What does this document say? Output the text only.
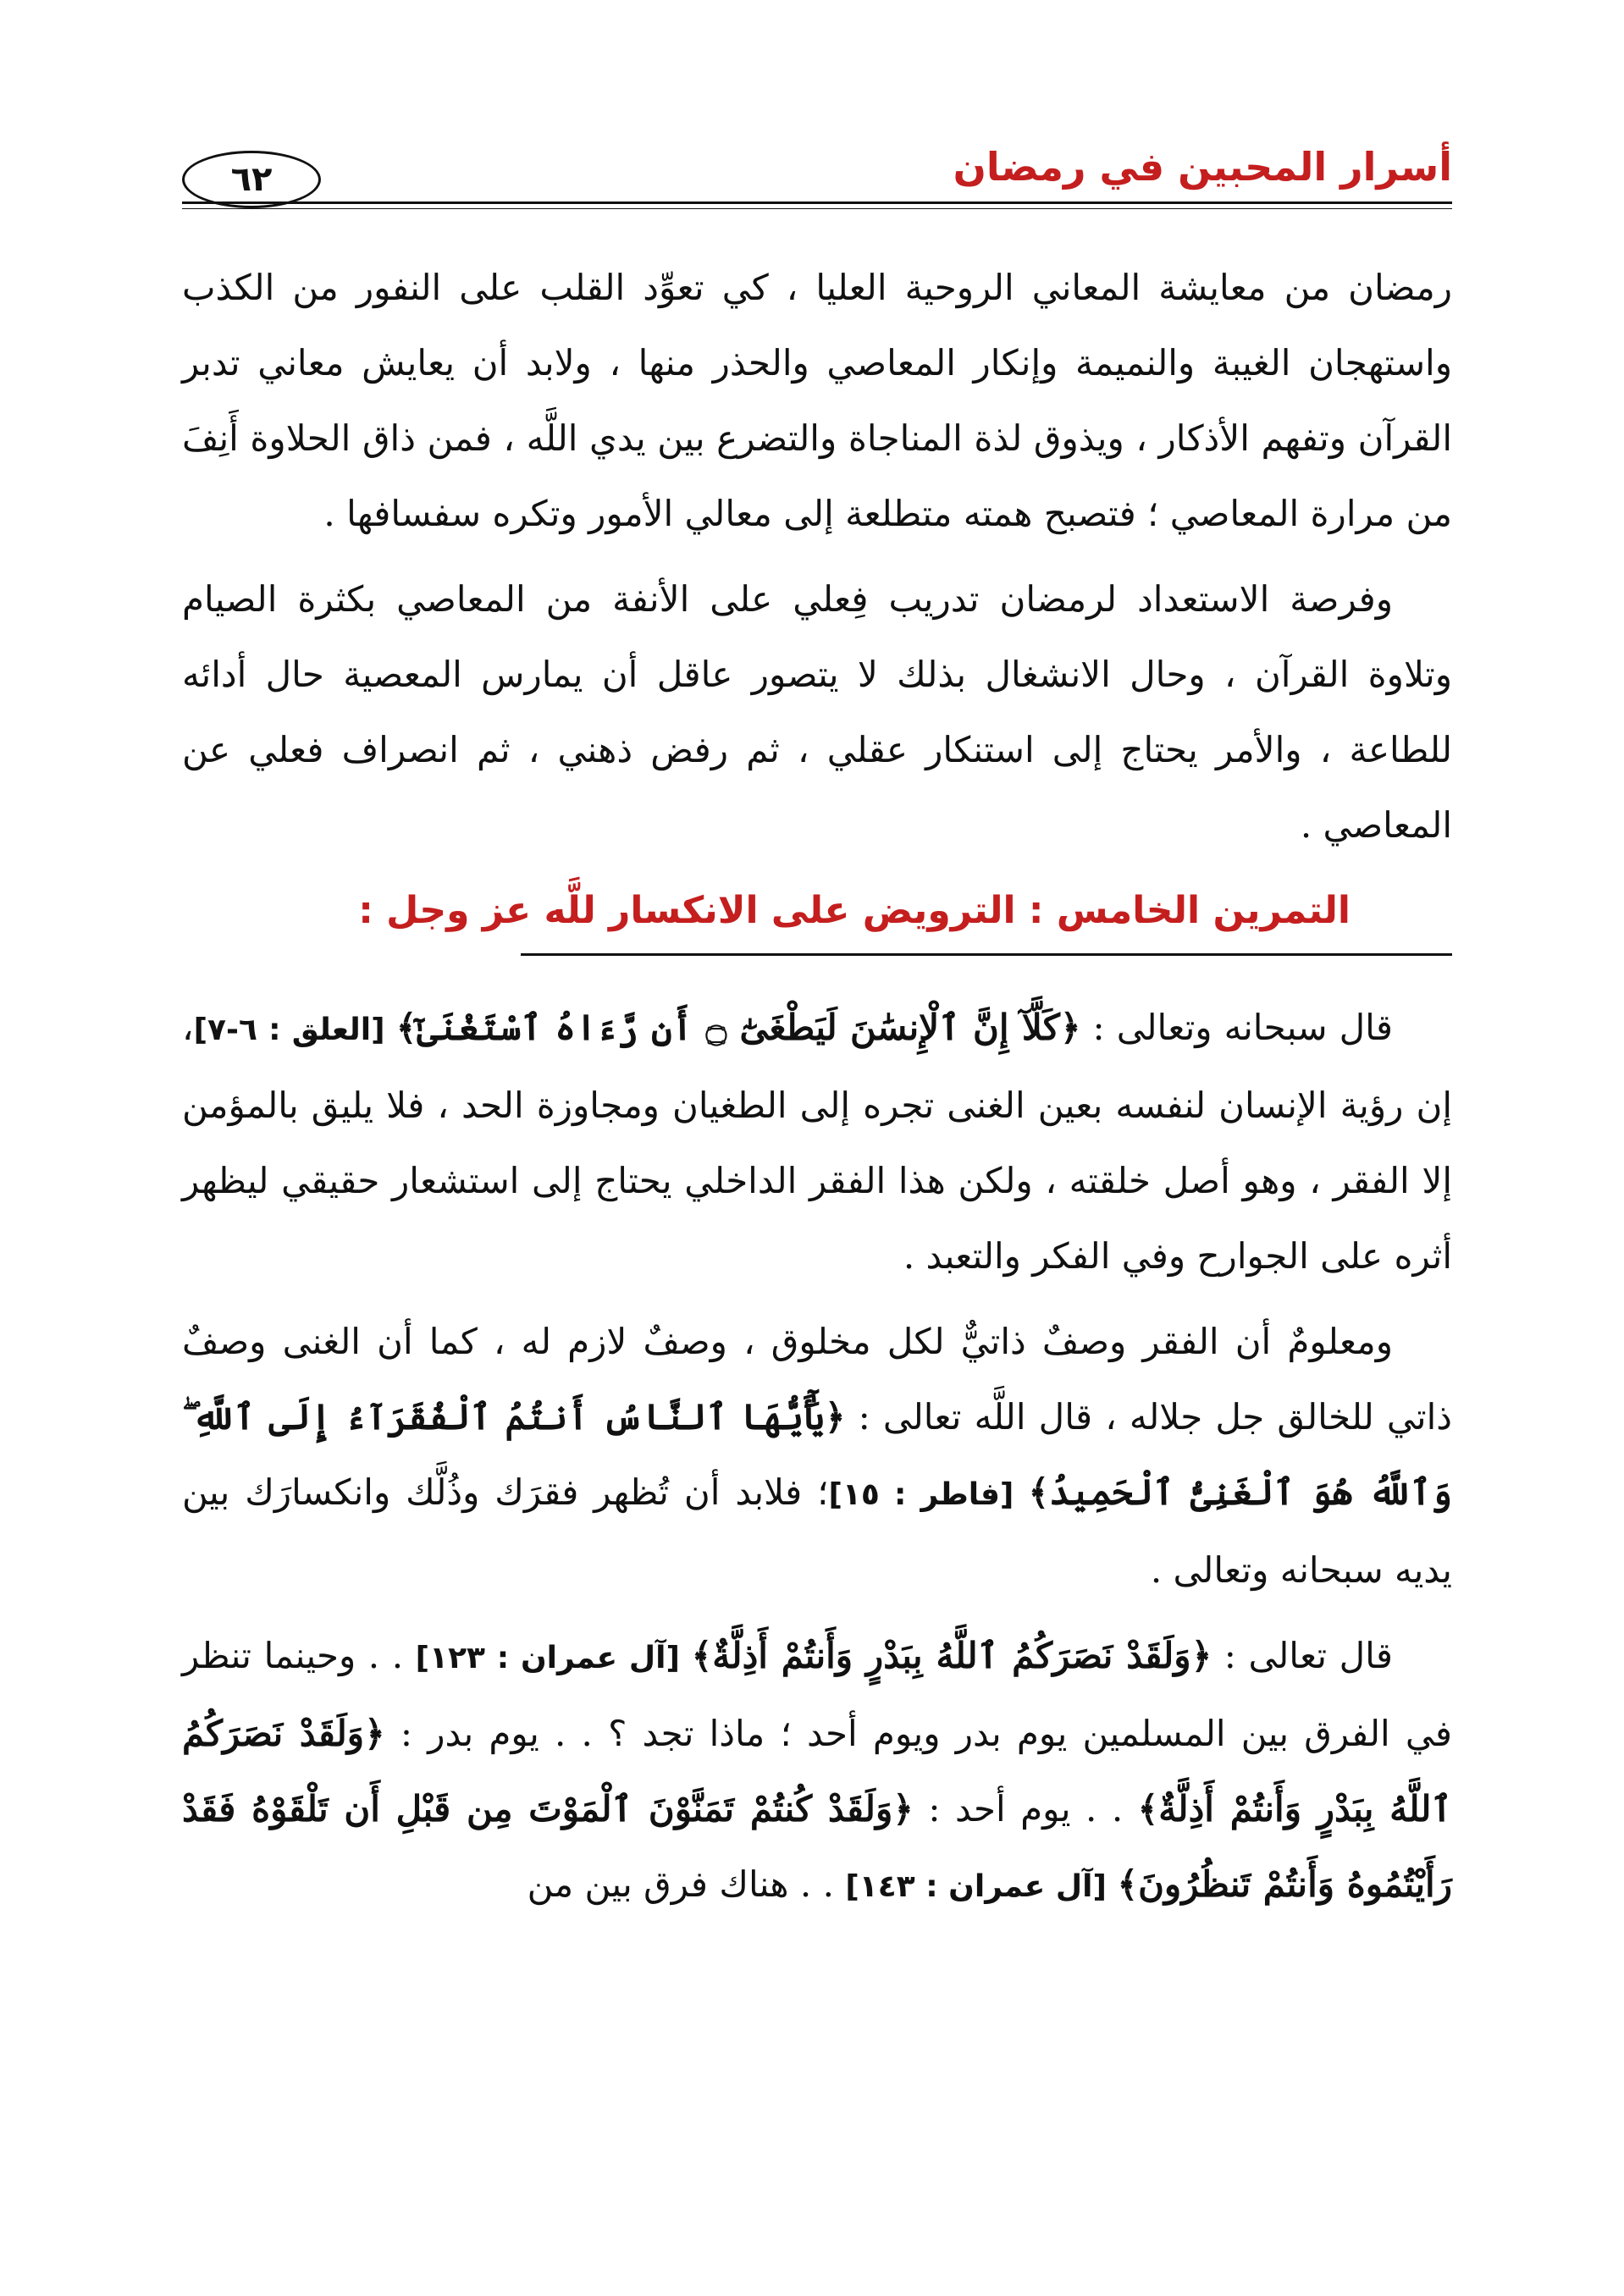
٦٢	أسرار المحبين في رمضان

رمضان من معايشة المعاني الروحية العليا ، كي تعوِّد القلب على النفور من الكذب واستهجان الغيبة والنميمة وإنكار المعاصي والحذر منها ، ولابد أن يعايش معاني تدبر القرآن وتفهم الأذكار ، ويذوق لذة المناجاة والتضرع بين يدي اللَّه ، فمن ذاق الحلاوة أَنِفَ من مرارة المعاصي ؛ فتصبح همته متطلعة إلى معالي الأمور وتكره سفسافها .

وفرصة الاستعداد لرمضان تدريب فِعلي على الأنفة من المعاصي بكثرة الصيام وتلاوة القرآن ، وحال الانشغال بذلك لا يتصور عاقل أن يمارس المعصية حال أدائه للطاعة ، والأمر يحتاج إلى استنكار عقلي ، ثم رفض ذهني ، ثم انصراف فعلي عن المعاصي .

التمرين الخامس : الترويض على الانكسار للَّه عز وجل :

قال سبحانه وتعالى : ﴿كَلَّآ إِنَّ ٱلْإِنسَٰنَ لَيَطْغَىٰٓ ۝ أَن رَّءَاهُ ٱسْتَغْنَىٰٓ﴾ [العلق : ٦-٧]، إن رؤية الإنسان لنفسه بعين الغنى تجره إلى الطغيان ومجاوزة الحد ، فلا يليق بالمؤمن إلا الفقر ، وهو أصل خلقته ، ولكن هذا الفقر الداخلي يحتاج إلى استشعار حقيقي ليظهر أثره على الجوارح وفي الفكر والتعبد .

ومعلومٌ أن الفقر وصفٌ ذاتيٌّ لكل مخلوق ، وصفٌ لازم له ، كما أن الغنى وصفٌ ذاتي للخالق جل جلاله ، قال اللَّه تعالى : ﴿يَٰٓأَيُّهَا ٱلنَّاسُ أَنتُمُ ٱلْفُقَرَآءُ إِلَى ٱللَّهِ ۖ وَٱللَّهُ هُوَ ٱلْغَنِىُّ ٱلْحَمِيدُ﴾ [فاطر : ١٥]؛ فلابد أن تُظهر فقرَك وذُلَّك وانكسارَك بين يديه سبحانه وتعالى .

قال تعالى : ﴿وَلَقَدْ نَصَرَكُمُ ٱللَّهُ بِبَدْرٍ وَأَنتُمْ أَذِلَّةٌ﴾ [آل عمران : ١٢٣] . . وحينما تنظر في الفرق بين المسلمين يوم بدر ويوم أحد ؛ ماذا تجد ؟ . . يوم بدر : ﴿وَلَقَدْ نَصَرَكُمُ ٱللَّهُ بِبَدْرٍ وَأَنتُمْ أَذِلَّةٌ﴾ . . يوم أحد : ﴿وَلَقَدْ كُنتُمْ تَمَنَّوْنَ ٱلْمَوْتَ مِن قَبْلِ أَن تَلْقَوْهُ فَقَدْ رَأَيْتُمُوهُ وَأَنتُمْ تَنظُرُونَ﴾ [آل عمران : ١٤٣] . . هناك فرق بين من
